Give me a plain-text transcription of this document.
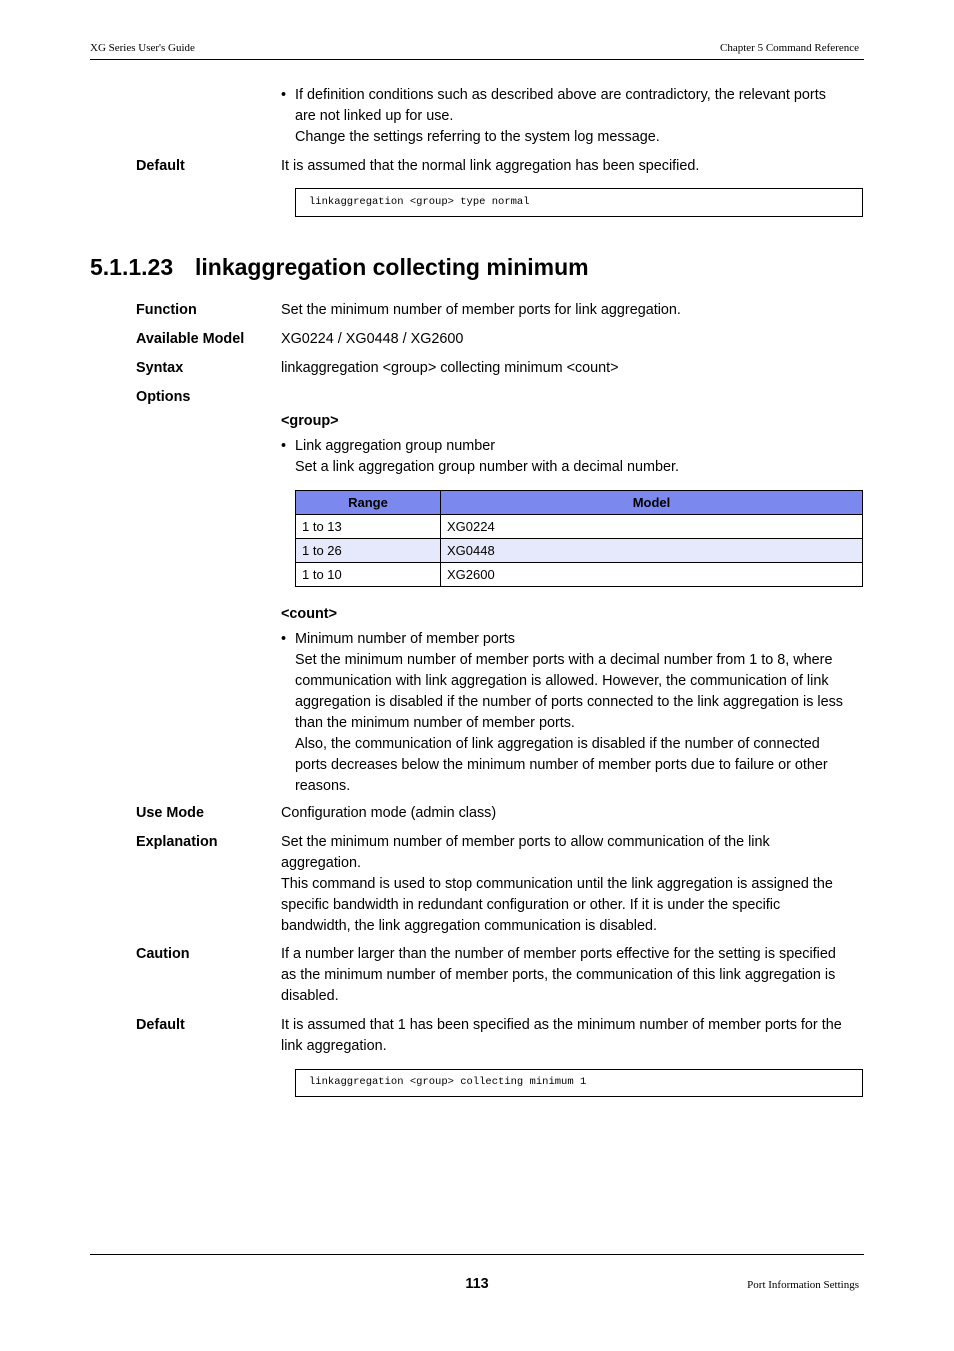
XG Series User's Guide	Chapter 5 Command Reference
• If definition conditions such as described above are contradictory, the relevant ports
are not linked up for use.
Change the settings referring to the system log message.
Default	It is assumed that the normal link aggregation has been specified.
linkaggregation <group> type normal
5.1.1.23 linkaggregation collecting minimum
Function	Set the minimum number of member ports for link aggregation.
Available Model	XG0224 / XG0448 / XG2600
Syntax	linkaggregation <group> collecting minimum <count>
Options
<group>
• Link aggregation group number
Set a link aggregation group number with a decimal number.
Range	Model
1 to 13	XG0224
1 to 26	XG0448
1 to 10	XG2600
<count>
• Minimum number of member ports
Set the minimum number of member ports with a decimal number from 1 to 8, where
communication with link aggregation is allowed. However, the communication of link
aggregation is disabled if the number of ports connected to the link aggregation is less
than the minimum number of member ports.
Also, the communication of link aggregation is disabled if the number of connected
ports decreases below the minimum number of member ports due to failure or other
reasons.
Use Mode	Configuration mode (admin class)
Explanation	Set the minimum number of member ports to allow communication of the link
aggregation.
This command is used to stop communication until the link aggregation is assigned the
specific bandwidth in redundant configuration or other. If it is under the specific
bandwidth, the link aggregation communication is disabled.
Caution	If a number larger than the number of member ports effective for the setting is specified
as the minimum number of member ports, the communication of this link aggregation is
disabled.
Default	It is assumed that 1 has been specified as the minimum number of member ports for the
link aggregation.
linkaggregation <group> collecting minimum 1
113	Port Information Settings
